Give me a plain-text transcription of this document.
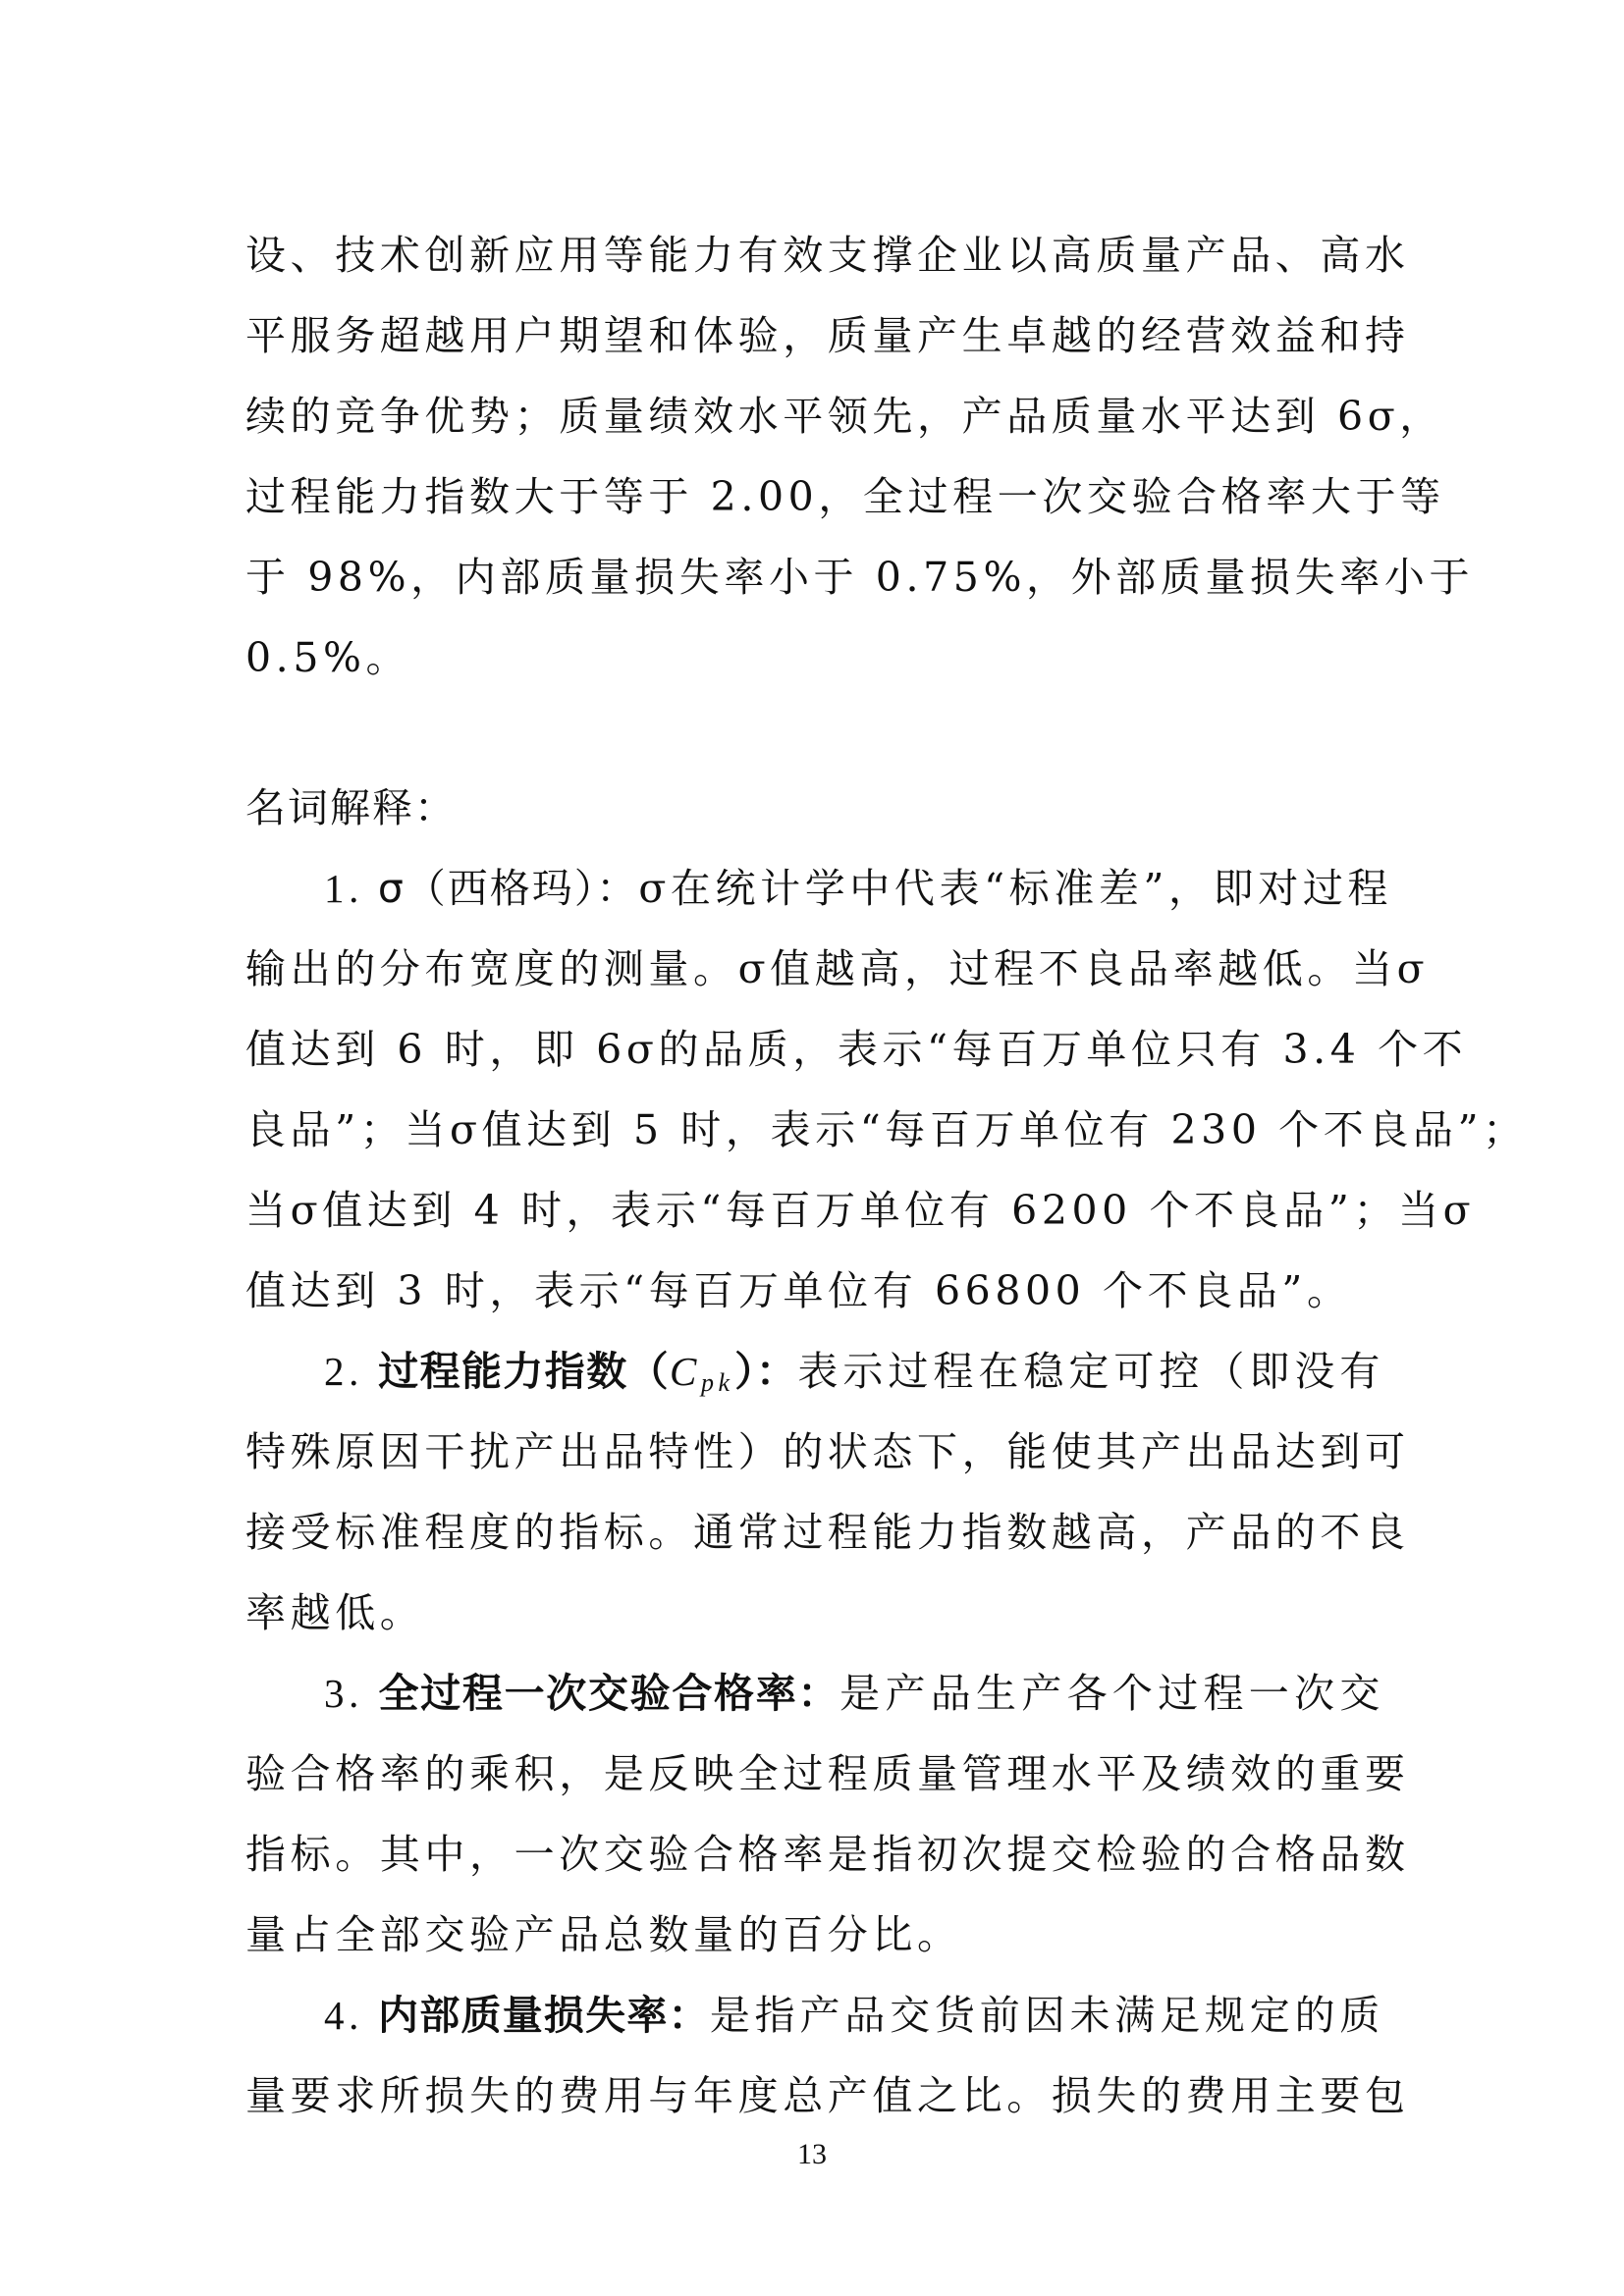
设、技术创新应用等能力有效支撑企业以高质量产品、高水
平服务超越用户期望和体验，质量产生卓越的经营效益和持
续的竞争优势；质量绩效水平领先，产品质量水平达到 6σ，
过程能力指数大于等于 2.00，全过程一次交验合格率大于等
于 98%，内部质量损失率小于 0.75%，外部质量损失率小于
0.5%。
名词解释：
1. σ（西格玛）：σ在统计学中代表“标准差”，即对过程
输出的分布宽度的测量。σ值越高，过程不良品率越低。当σ
值达到 6 时，即 6σ的品质，表示“每百万单位只有 3.4 个不
良品”；当σ值达到 5 时，表示“每百万单位有 230 个不良品”；
当σ值达到 4 时，表示“每百万单位有 6200 个不良品”；当σ
值达到 3 时，表示“每百万单位有 66800 个不良品”。
2. 过程能力指数$(C_{pk})$：表示过程在稳定可控（即没有
特殊原因干扰产出品特性）的状态下，能使其产出品达到可
接受标准程度的指标。通常过程能力指数越高，产品的不良
率越低。
3. 全过程一次交验合格率：是产品生产各个过程一次交
验合格率的乘积，是反映全过程质量管理水平及绩效的重要
指标。其中，一次交验合格率是指初次提交检验的合格品数
量占全部交验产品总数量的百分比。
4. 内部质量损失率：是指产品交货前因未满足规定的质
量要求所损失的费用与年度总产值之比。损失的费用主要包
13
